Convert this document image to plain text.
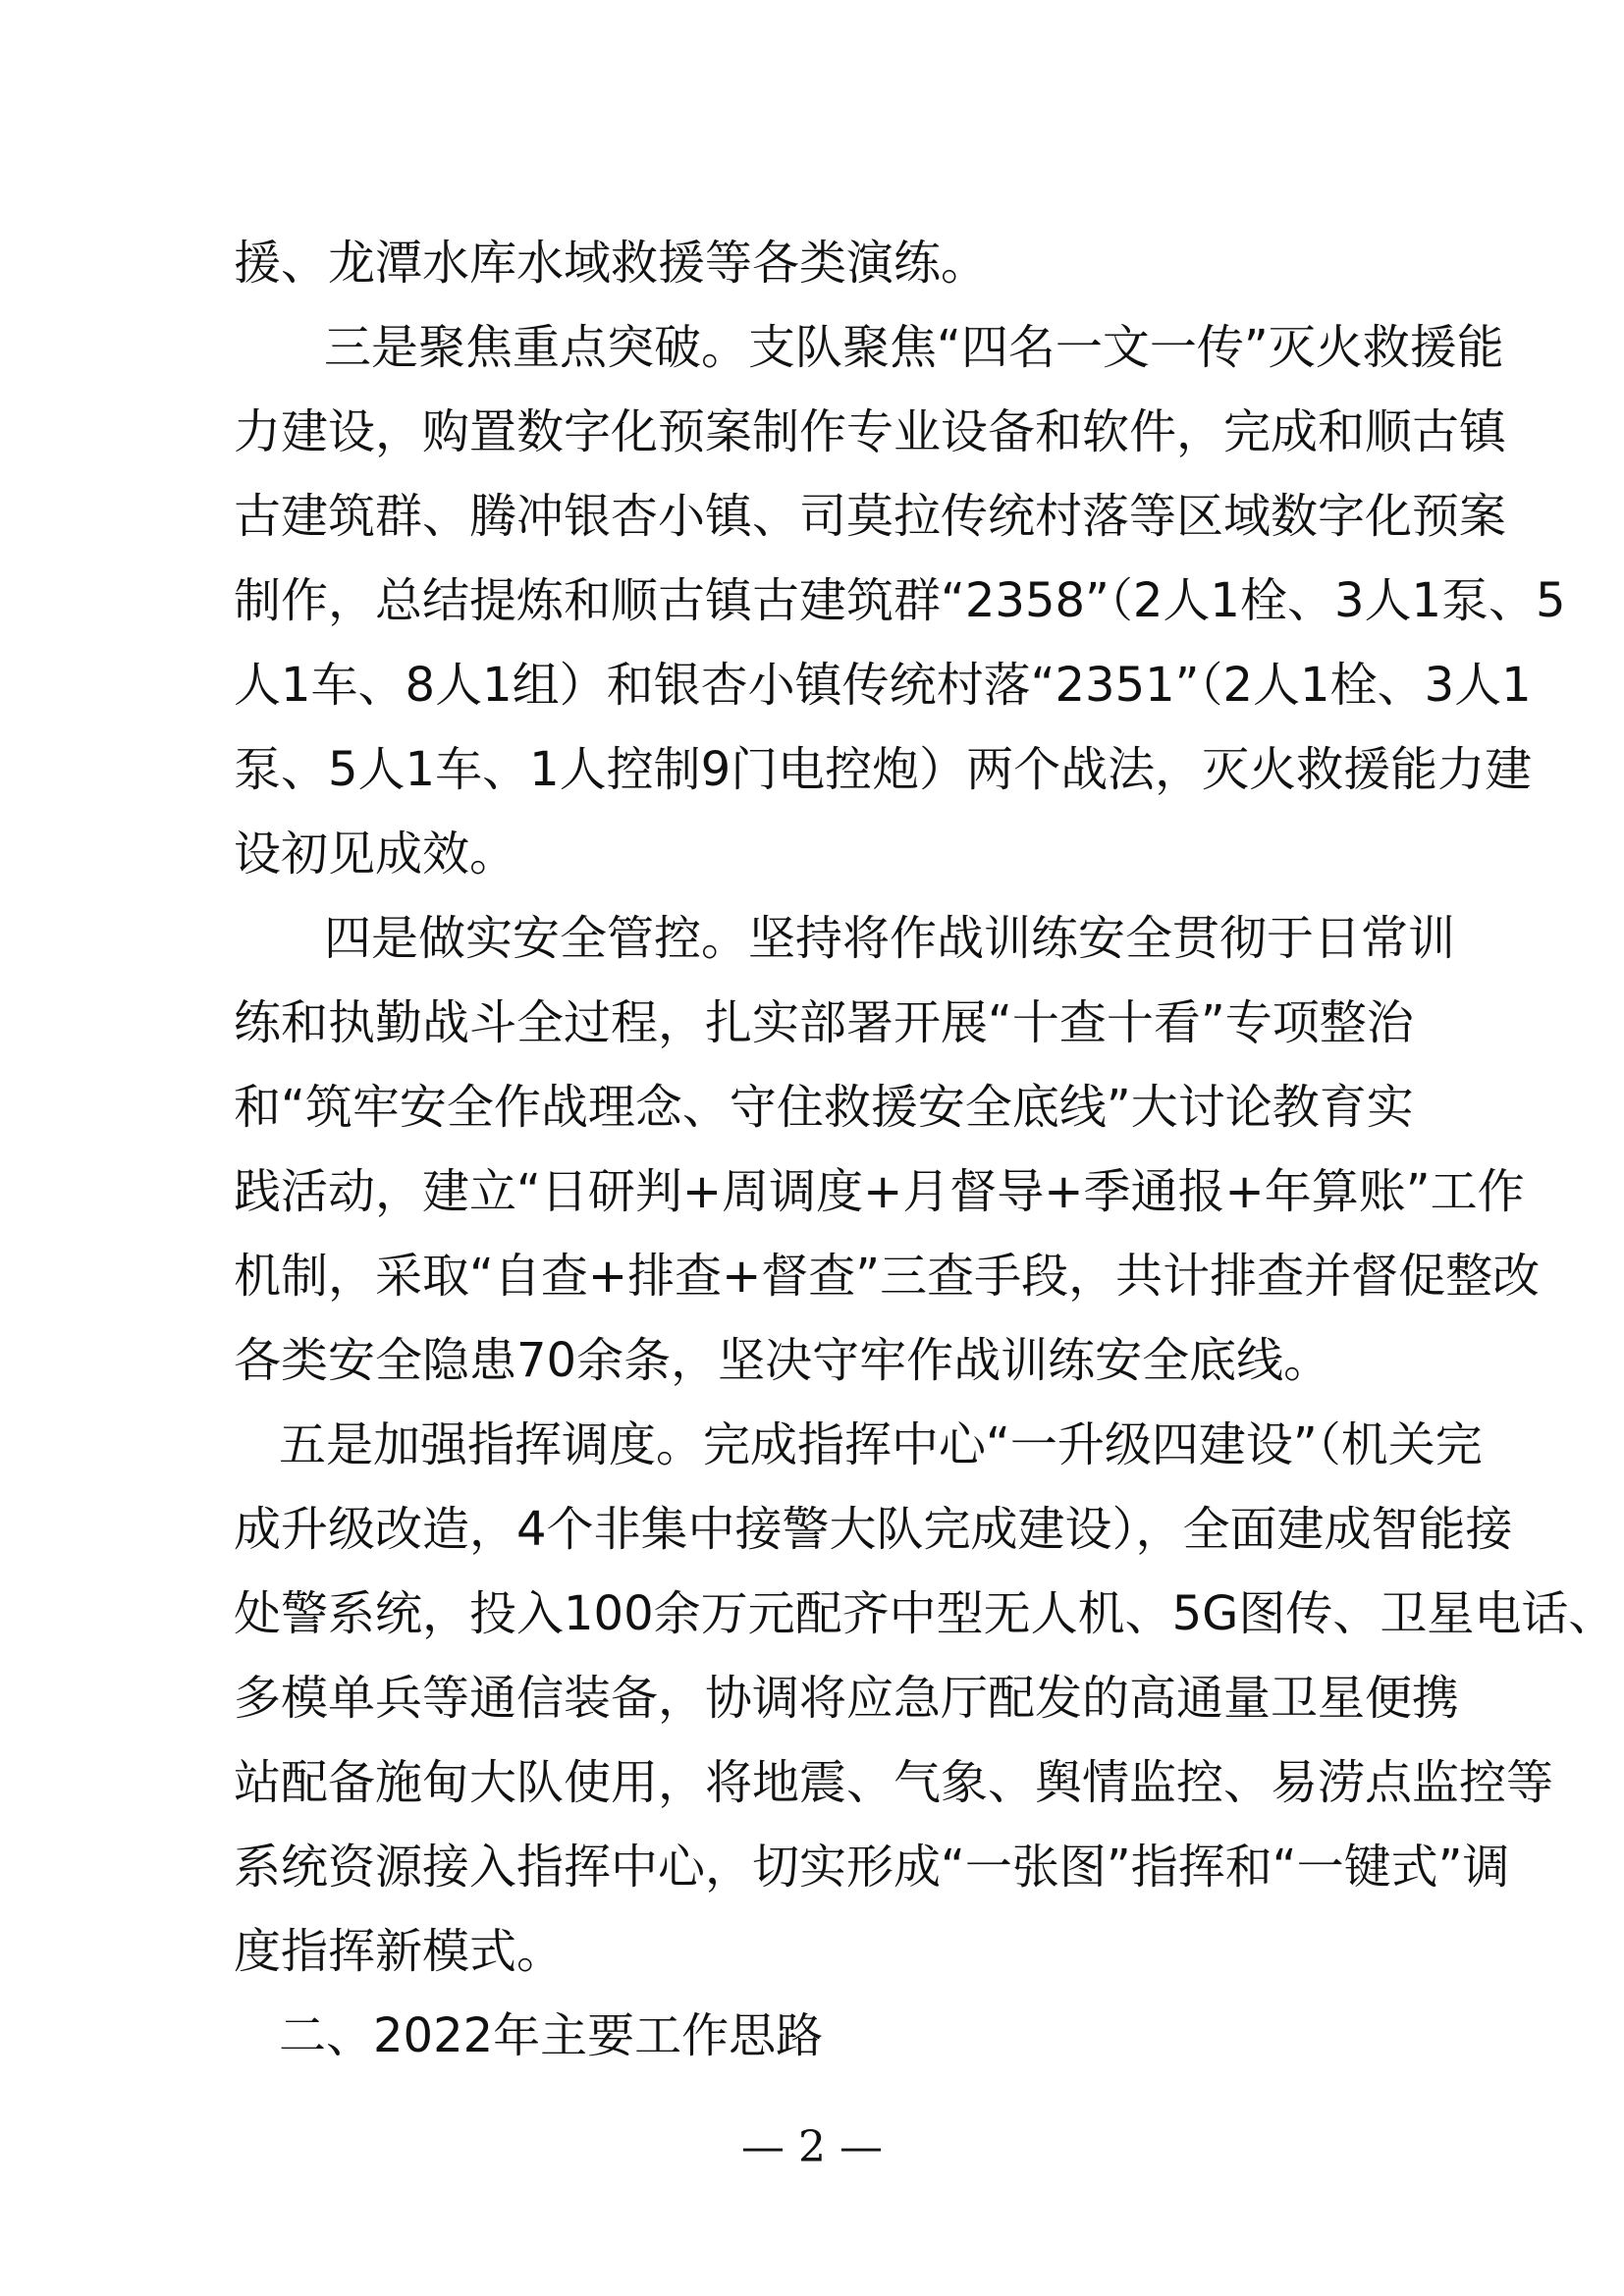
援、龙潭水库水域救援等各类演练。

三是聚焦重点突破。支队聚焦“四名一文一传”灭火救援能

力建设，购置数字化预案制作专业设备和软件，完成和顺古镇

古建筑群、腾冲银杏小镇、司莫拉传统村落等区域数字化预案

制作，总结提炼和顺古镇古建筑群“2358”（2人1栓、3人1泵、5

人1车、8人1组）和银杏小镇传统村落“2351”（2人1栓、3人1

泵、5人1车、1人控制9门电控炮）两个战法，灭火救援能力建

设初见成效。

四是做实安全管控。坚持将作战训练安全贯彻于日常训

练和执勤战斗全过程，扎实部署开展“十查十看”专项整治

和“筑牢安全作战理念、守住救援安全底线”大讨论教育实

践活动，建立“日研判+周调度+月督导+季通报+年算账”工作

机制，采取“自查+排查+督查”三查手段，共计排查并督促整改

各类安全隐患70余条，坚决守牢作战训练安全底线。

五是加强指挥调度。完成指挥中心“一升级四建设”（机关完

成升级改造，4个非集中接警大队完成建设），全面建成智能接

处警系统，投入100余万元配齐中型无人机、5G图传、卫星电话、

多模单兵等通信装备，协调将应急厅配发的高通量卫星便携

站配备施甸大队使用，将地震、气象、舆情监控、易涝点监控等

系统资源接入指挥中心，切实形成“一张图”指挥和“一键式”调

度指挥新模式。

二、2022年主要工作思路

— 2 —
